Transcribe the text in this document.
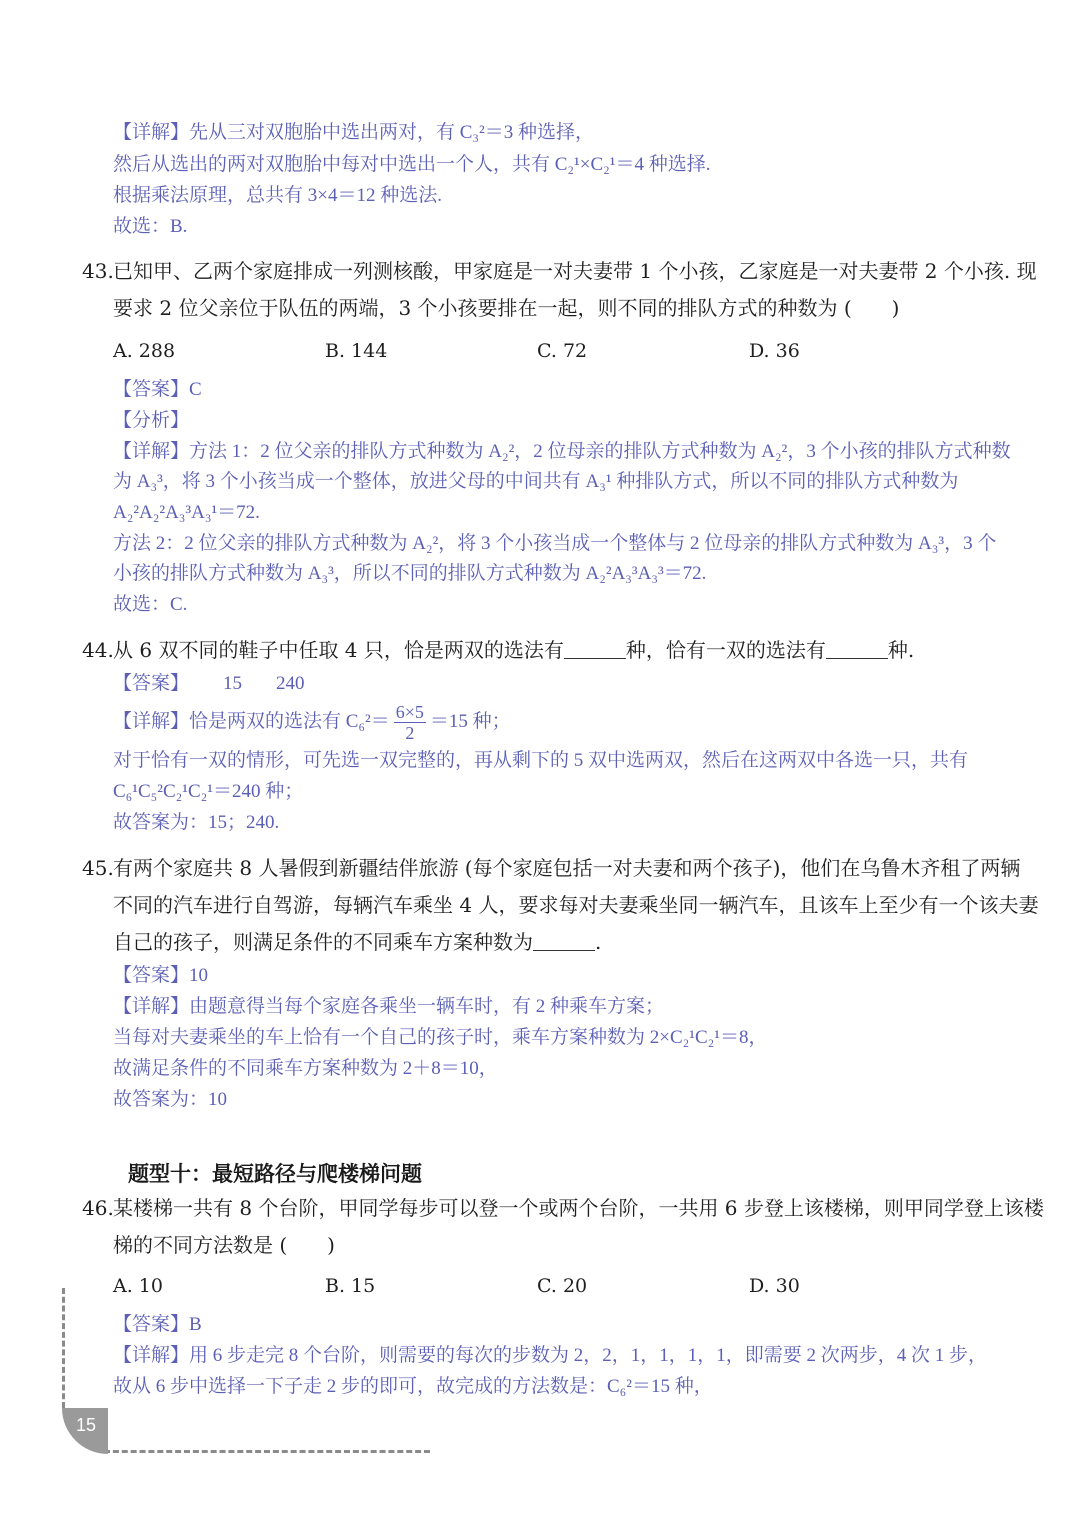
【详解】先从三对双胞胎中选出两对，有 C₃²＝3 种选择，
然后从选出的两对双胞胎中每对中选出一个人，共有 C₂¹×C₂¹＝4 种选择.
根据乘法原理，总共有 3×4＝12 种选法.
故选：B.
43. 已知甲、乙两个家庭排成一列测核酸，甲家庭是一对夫妻带 1 个小孩，乙家庭是一对夫妻带 2 个小孩. 现
要求 2 位父亲位于队伍的两端，3 个小孩要排在一起，则不同的排队方式的种数为 (　　)
A. 288	B. 144	C. 72	D. 36
【答案】C
【分析】
【详解】方法 1：2 位父亲的排队方式种数为 A₂²，2 位母亲的排队方式种数为 A₂²，3 个小孩的排队方式种数
为 A₃³，将 3 个小孩当成一个整体，放进父母的中间共有 A₃¹ 种排队方式，所以不同的排队方式种数为
A₂²A₂²A₃³A₃¹＝72.
方法 2：2 位父亲的排队方式种数为 A₂²，将 3 个小孩当成一个整体与 2 位母亲的排队方式种数为 A₃³，3 个
小孩的排队方式种数为 A₃³，所以不同的排队方式种数为 A₂²A₃³A₃³＝72.
故选：C.
44. 从 6 双不同的鞋子中任取 4 只，恰是两双的选法有	种，恰有一双的选法有	种.
【答案】 15 240
【详解】恰是两双的选法有 $C_6^2= \frac{6\times 5}{2} =15$ 种；
对于恰有一双的情形，可先选一双完整的，再从剩下的 5 双中选两双，然后在这两双中各选一只，共有
C₆¹C₅²C₂¹C₂¹＝240 种；
故答案为：15；240.
45. 有两个家庭共 8 人暑假到新疆结伴旅游 (每个家庭包括一对夫妻和两个孩子)，他们在乌鲁木齐租了两辆
不同的汽车进行自驾游，每辆汽车乘坐 4 人，要求每对夫妻乘坐同一辆汽车，且该车上至少有一个该夫妻
自己的孩子，则满足条件的不同乘车方案种数为	.
【答案】10
【详解】由题意得当每个家庭各乘坐一辆车时，有 2 种乘车方案；
当每对夫妻乘坐的车上恰有一个自己的孩子时，乘车方案种数为 2×C₂¹C₂¹＝8，
故满足条件的不同乘车方案种数为 2＋8＝10，
故答案为：10
题型十：最短路径与爬楼梯问题
46. 某楼梯一共有 8 个台阶，甲同学每步可以登一个或两个台阶，一共用 6 步登上该楼梯，则甲同学登上该楼
梯的不同方法数是 (　　)
A. 10	B. 15	C. 20	D. 30
【答案】B
【详解】用 6 步走完 8 个台阶，则需要的每次的步数为 2，2，1，1，1，1，即需要 2 次两步，4 次 1 步，
故从 6 步中选择一下子走 2 步的即可，故完成的方法数是：C₆²＝15 种，
15
